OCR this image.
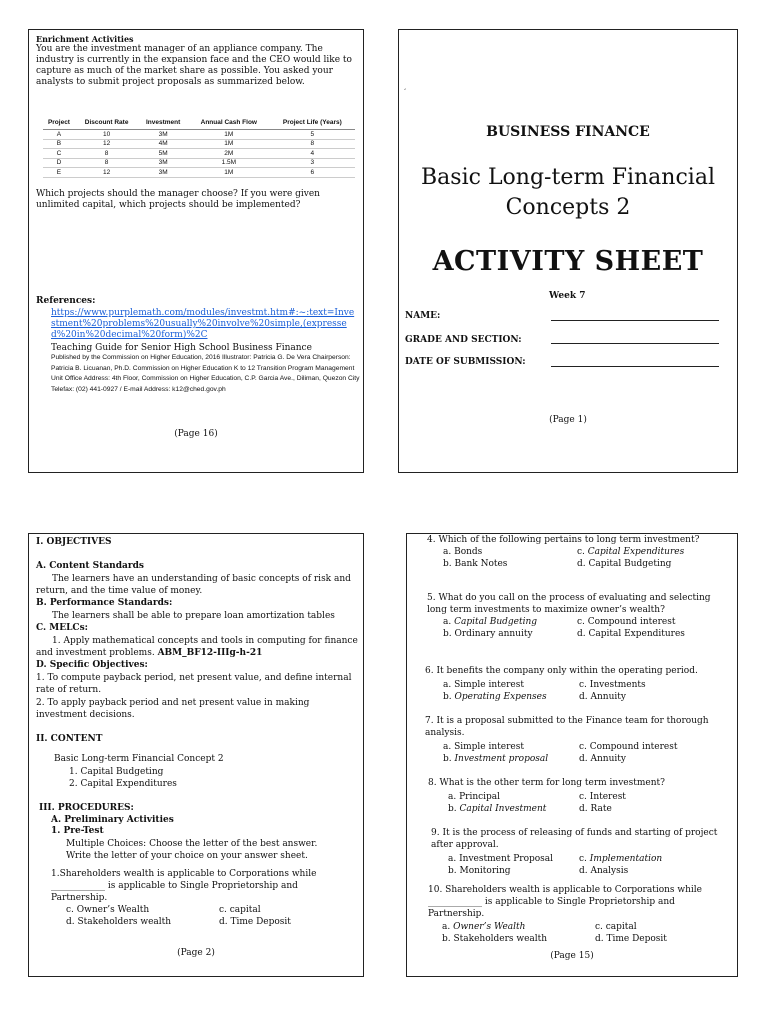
Enrichment Activities

You are the investment manager of an appliance company. The industry is currently in the expansion face and the CEO would like to capture as much of the market share as possible. You asked your analysts to submit project proposals as summarized below.

Project	Discount Rate	Investment	Annual Cash Flow	Project Life (Years)
A	10	3M	1M	5
B	12	4M	1M	8
C	8	5M	2M	4
D	8	3M	1.5M	3
E	12	3M	1M	6

Which projects should the manager choose? If you were given unlimited capital, which projects should be implemented?

References:

https://www.purplemath.com/modules/investmt.htm#:~:text=Investment%20problems%20usually%20involve%20simple,(expressed%20in%20decimal%20form)%2C

Teaching Guide for Senior High School Business Finance

Published by the Commission on Higher Education, 2016 Illustrator: Patricia G. De Vera Chairperson: Patricia B. Licuanan, Ph.D. Commission on Higher Education K to 12 Transition Program Management Unit Office Address: 4th Floor, Commission on Higher Education, C.P. Garcia Ave., Diliman, Quezon City Telefax: (02) 441-0927 / E-mail Address: k12@ched.gov.ph

(Page 16)

‘

BUSINESS FINANCE

Basic Long-term Financial
Concepts 2

ACTIVITY SHEET

Week 7

NAME:
GRADE AND SECTION:
DATE OF SUBMISSION:
(Page 1)

I. OBJECTIVES

A. Content Standards

The learners have an understanding of basic concepts of risk and return, and the time value of money.

B. Performance Standards:

The learners shall be able to prepare loan amortization tables

C. MELCs:

1. Apply mathematical concepts and tools in computing for finance and investment problems. ABM_BF12-IIIg-h-21

D. Specific Objectives:

1. To compute payback period, net present value, and define internal rate of return.

2. To apply payback period and net present value in making investment decisions.

II. CONTENT

Basic Long-term Financial Concept 2

1. Capital Budgeting

2. Capital Expenditures

III. PROCEDURES:

A. Preliminary Activities

1. Pre-Test

Multiple Choices: Choose the letter of the best answer.

Write the letter of your choice on your answer sheet.

1.Shareholders wealth is applicable to Corporations while ____________ is applicable to Single Proprietorship and Partnership.

c. Owner’s Wealth	c. capital

d. Stakeholders wealth	d. Time Deposit

(Page 2)

4. Which of the following pertains to long term investment?

a. Bonds	c. Capital Expenditures

b. Bank Notes	d. Capital Budgeting

5. What do you call on the process of evaluating and selecting long term investments to maximize owner’s wealth?

a. Capital Budgeting	c. Compound interest

b. Ordinary annuity	d. Capital Expenditures

6. It benefits the company only within the operating period.

a. Simple interest	c. Investments

b. Operating Expenses	d. Annuity

7. It is a proposal submitted to the Finance team for thorough analysis.

a. Simple interest	c. Compound interest

b. Investment proposal	d. Annuity

8. What is the other term for long term investment?

a. Principal	c. Interest

b. Capital Investment	d. Rate

9. It is the process of releasing of funds and starting of project after approval.

a. Investment Proposal	c. Implementation

b. Monitoring	d. Analysis

10. Shareholders wealth is applicable to Corporations while ____________ is applicable to Single Proprietorship and Partnership.

a. Owner’s Wealth	c. capital

b. Stakeholders wealth	d. Time Deposit

(Page 15)
